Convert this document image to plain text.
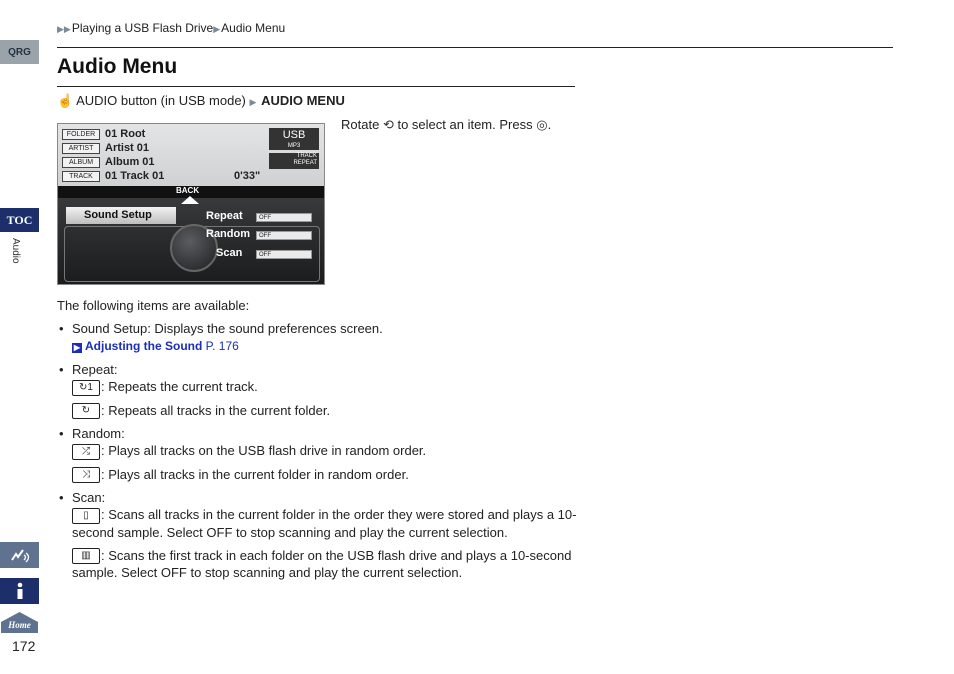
QRG
TOC
Audio
Home
172
▶▶Playing a USB Flash Drive▶Audio Menu
Audio Menu
☝ AUDIO button (in USB mode) ▶ AUDIO MENU
FOLDER 01 Root
ARTIST Artist 01
ALBUM Album 01
TRACK 01 Track 01	0'33"
USB
MP3
TRACK
REPEAT
BACK
Sound Setup	Repeat	OFF
Random	OFF
Scan	OFF
Rotate ⟲ to select an item. Press ◎.

The following items are available:

• Sound Setup: Displays the sound preferences screen.
▶ Adjusting the Sound P. 176
• Repeat:
↻1 : Repeats the current track.
↻ : Repeats all tracks in the current folder.
• Random:
⤮ : Plays all tracks on the USB flash drive in random order.
⤨ : Plays all tracks in the current folder in random order.
• Scan:
▯ : Scans all tracks in the current folder in the order they were stored and plays a 10-second sample. Select OFF to stop scanning and play the current selection.
▥ : Scans the first track in each folder on the USB flash drive and plays a 10-second sample. Select OFF to stop scanning and play the current selection.
